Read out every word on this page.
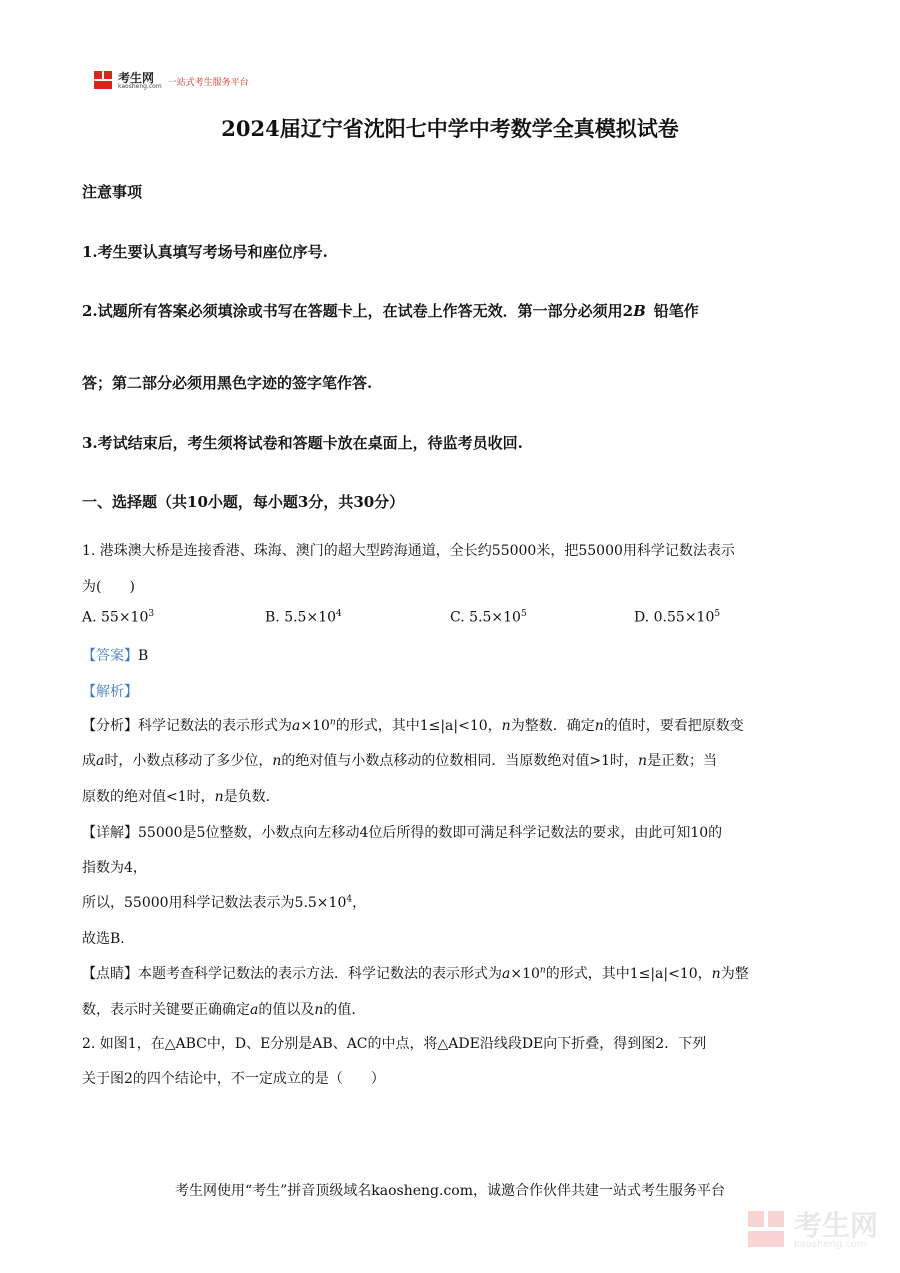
考生网
kaosheng.com 一站式考生服务平台
2024届辽宁省沈阳七中学中考数学全真模拟试卷
注意事项
1.考生要认真填写考场号和座位序号.
2.试题所有答案必须填涂或书写在答题卡上，在试卷上作答无效．第一部分必须用2B 铅笔作
答；第二部分必须用黑色字迹的签字笔作答.
3.考试结束后，考生须将试卷和答题卡放在桌面上，待监考员收回.
一、选择题（共10小题，每小题3分，共30分）
1. 港珠澳大桥是连接香港、珠海、澳门的超大型跨海通道，全长约55000米，把55000用科学记数法表示
为(　　)
A. $55\times 10^3$	B. $5.5\times 10^4$	C. $5.5\times 10^5$	D. $0.55\times 10^5$
【答案】B
【解析】
【分析】科学记数法的表示形式为$a\times 10^n$的形式，其中1≤|a|<10，n为整数．确定n的值时，要看把原数变
成a时，小数点移动了多少位，n的绝对值与小数点移动的位数相同．当原数绝对值>1时，n是正数；当
原数的绝对值<1时，n是负数.
【详解】55000是5位整数，小数点向左移动4位后所得的数即可满足科学记数法的要求，由此可知10的
指数为4，
所以，55000用科学记数法表示为$5.5\times 10^4$，
故选B.
【点睛】本题考查科学记数法的表示方法．科学记数法的表示形式为$a\times 10^n$的形式，其中1≤|a|<10，n为整
数，表示时关键要正确确定a的值以及n的值.
2. 如图1，在△ABC中，D、E分别是AB、AC的中点，将△ADE沿线段DE向下折叠，得到图2．下列
关于图2的四个结论中，不一定成立的是（　　）
考生网使用“考生”拼音顶级域名kaosheng.com，诚邀合作伙伴共建一站式考生服务平台
考生网
kaosheng.com
